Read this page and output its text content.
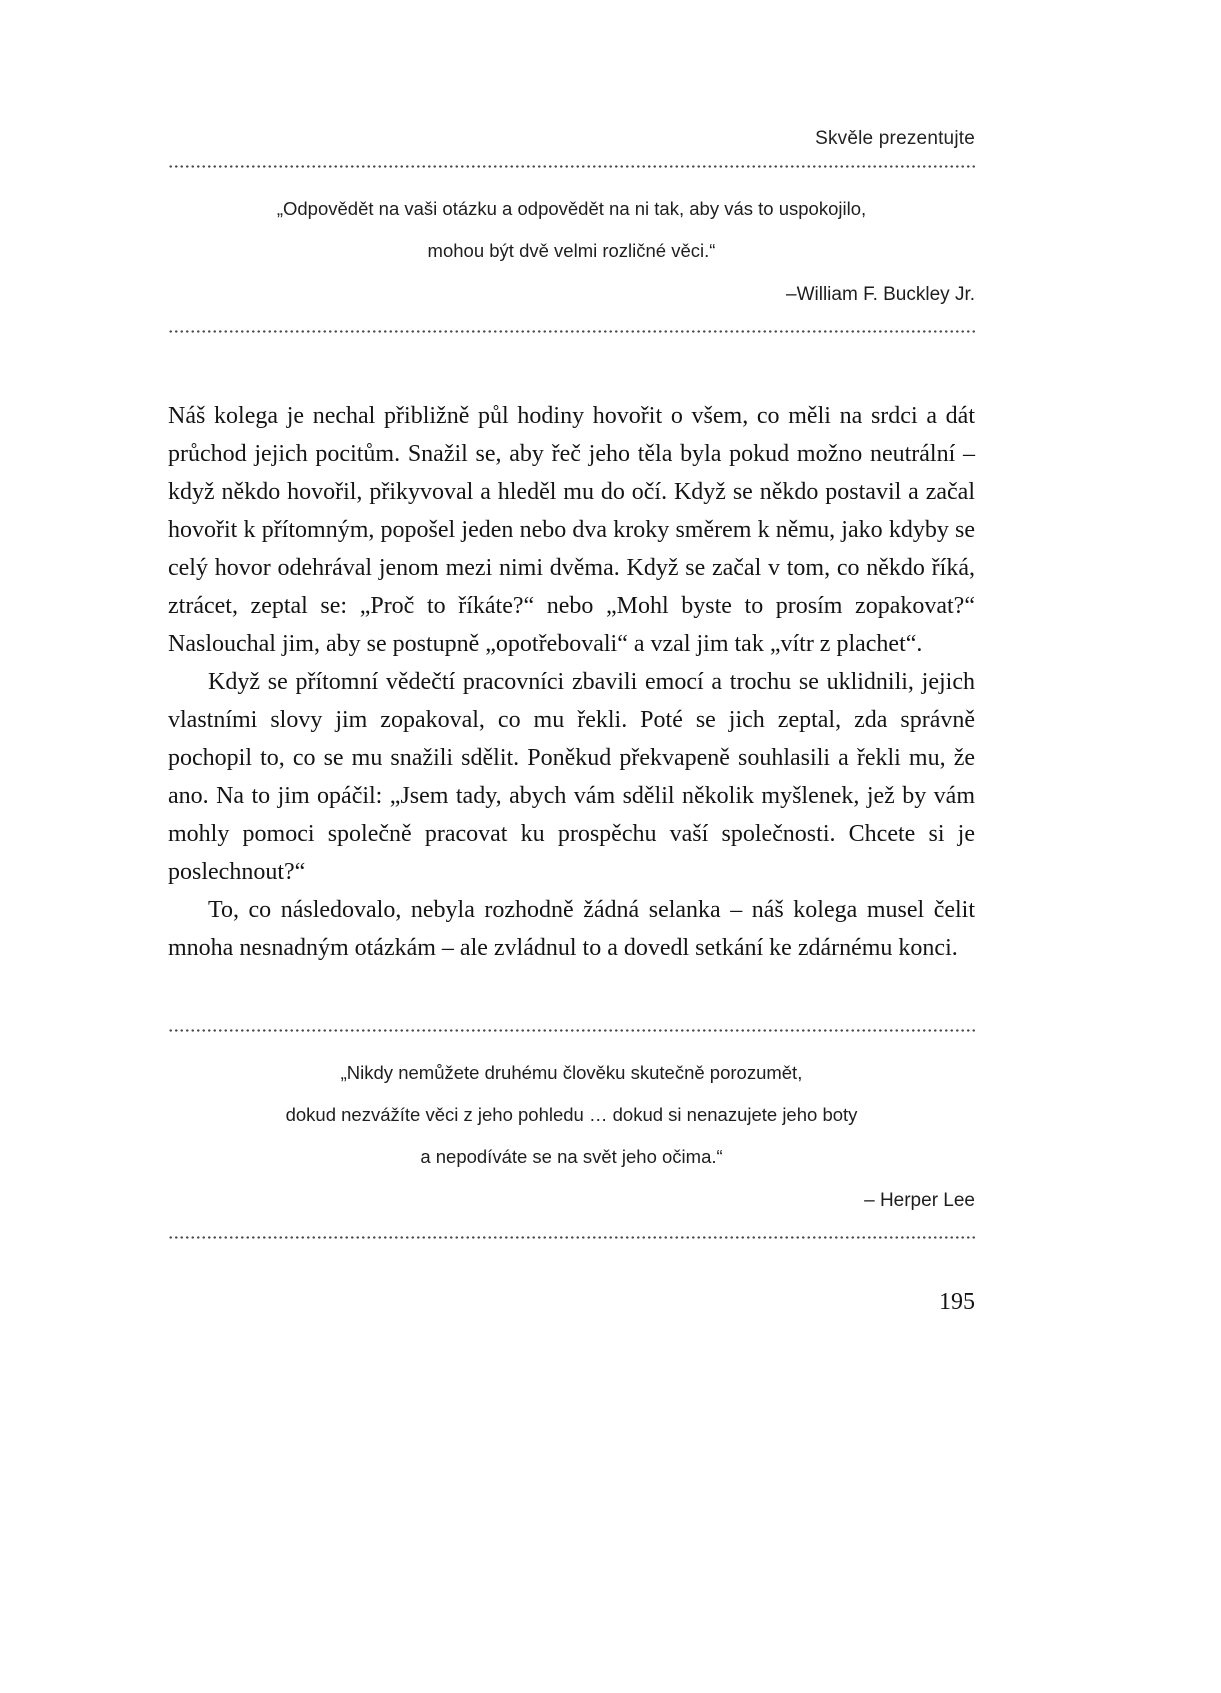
Skvěle prezentujte

„Odpovědět na vaši otázku a odpovědět na ni tak, aby vás to uspokojilo,

mohou být dvě velmi rozličné věci.“

–William F. Buckley Jr.

Náš kolega je nechal přibližně půl hodiny hovořit o všem, co měli na srdci a dát průchod jejich pocitům. Snažil se, aby řeč jeho těla byla pokud možno neutrální – když někdo hovořil, přikyvoval a hleděl mu do očí. Když se někdo postavil a začal hovořit k přítomným, popošel jeden nebo dva kroky směrem k němu, jako kdyby se celý hovor odehrával jenom mezi nimi dvěma. Když se začal v tom, co někdo říká, ztrácet, zeptal se: „Proč to říkáte?“ nebo „Mohl byste to prosím zopakovat?“ Naslouchal jim, aby se postupně „opotřebovali“ a vzal jim tak „vítr z plachet“.

Když se přítomní vědečtí pracovníci zbavili emocí a trochu se uklidnili, jejich vlastními slovy jim zopakoval, co mu řekli. Poté se jich zeptal, zda správně pochopil to, co se mu snažili sdělit. Poněkud překvapeně souhlasili a řekli mu, že ano. Na to jim opáčil: „Jsem tady, abych vám sdělil několik myšlenek, jež by vám mohly pomoci společně pracovat ku prospěchu vaší společnosti. Chcete si je poslechnout?“

To, co následovalo, nebyla rozhodně žádná selanka – náš kolega musel čelit mnoha nesnadným otázkám – ale zvládnul to a dovedl setkání ke zdárnému konci.

„Nikdy nemůžete druhému člověku skutečně porozumět,

dokud nezvážíte věci z jeho pohledu … dokud si nenazujete jeho boty

a nepodíváte se na svět jeho očima.“

– Herper Lee

195
